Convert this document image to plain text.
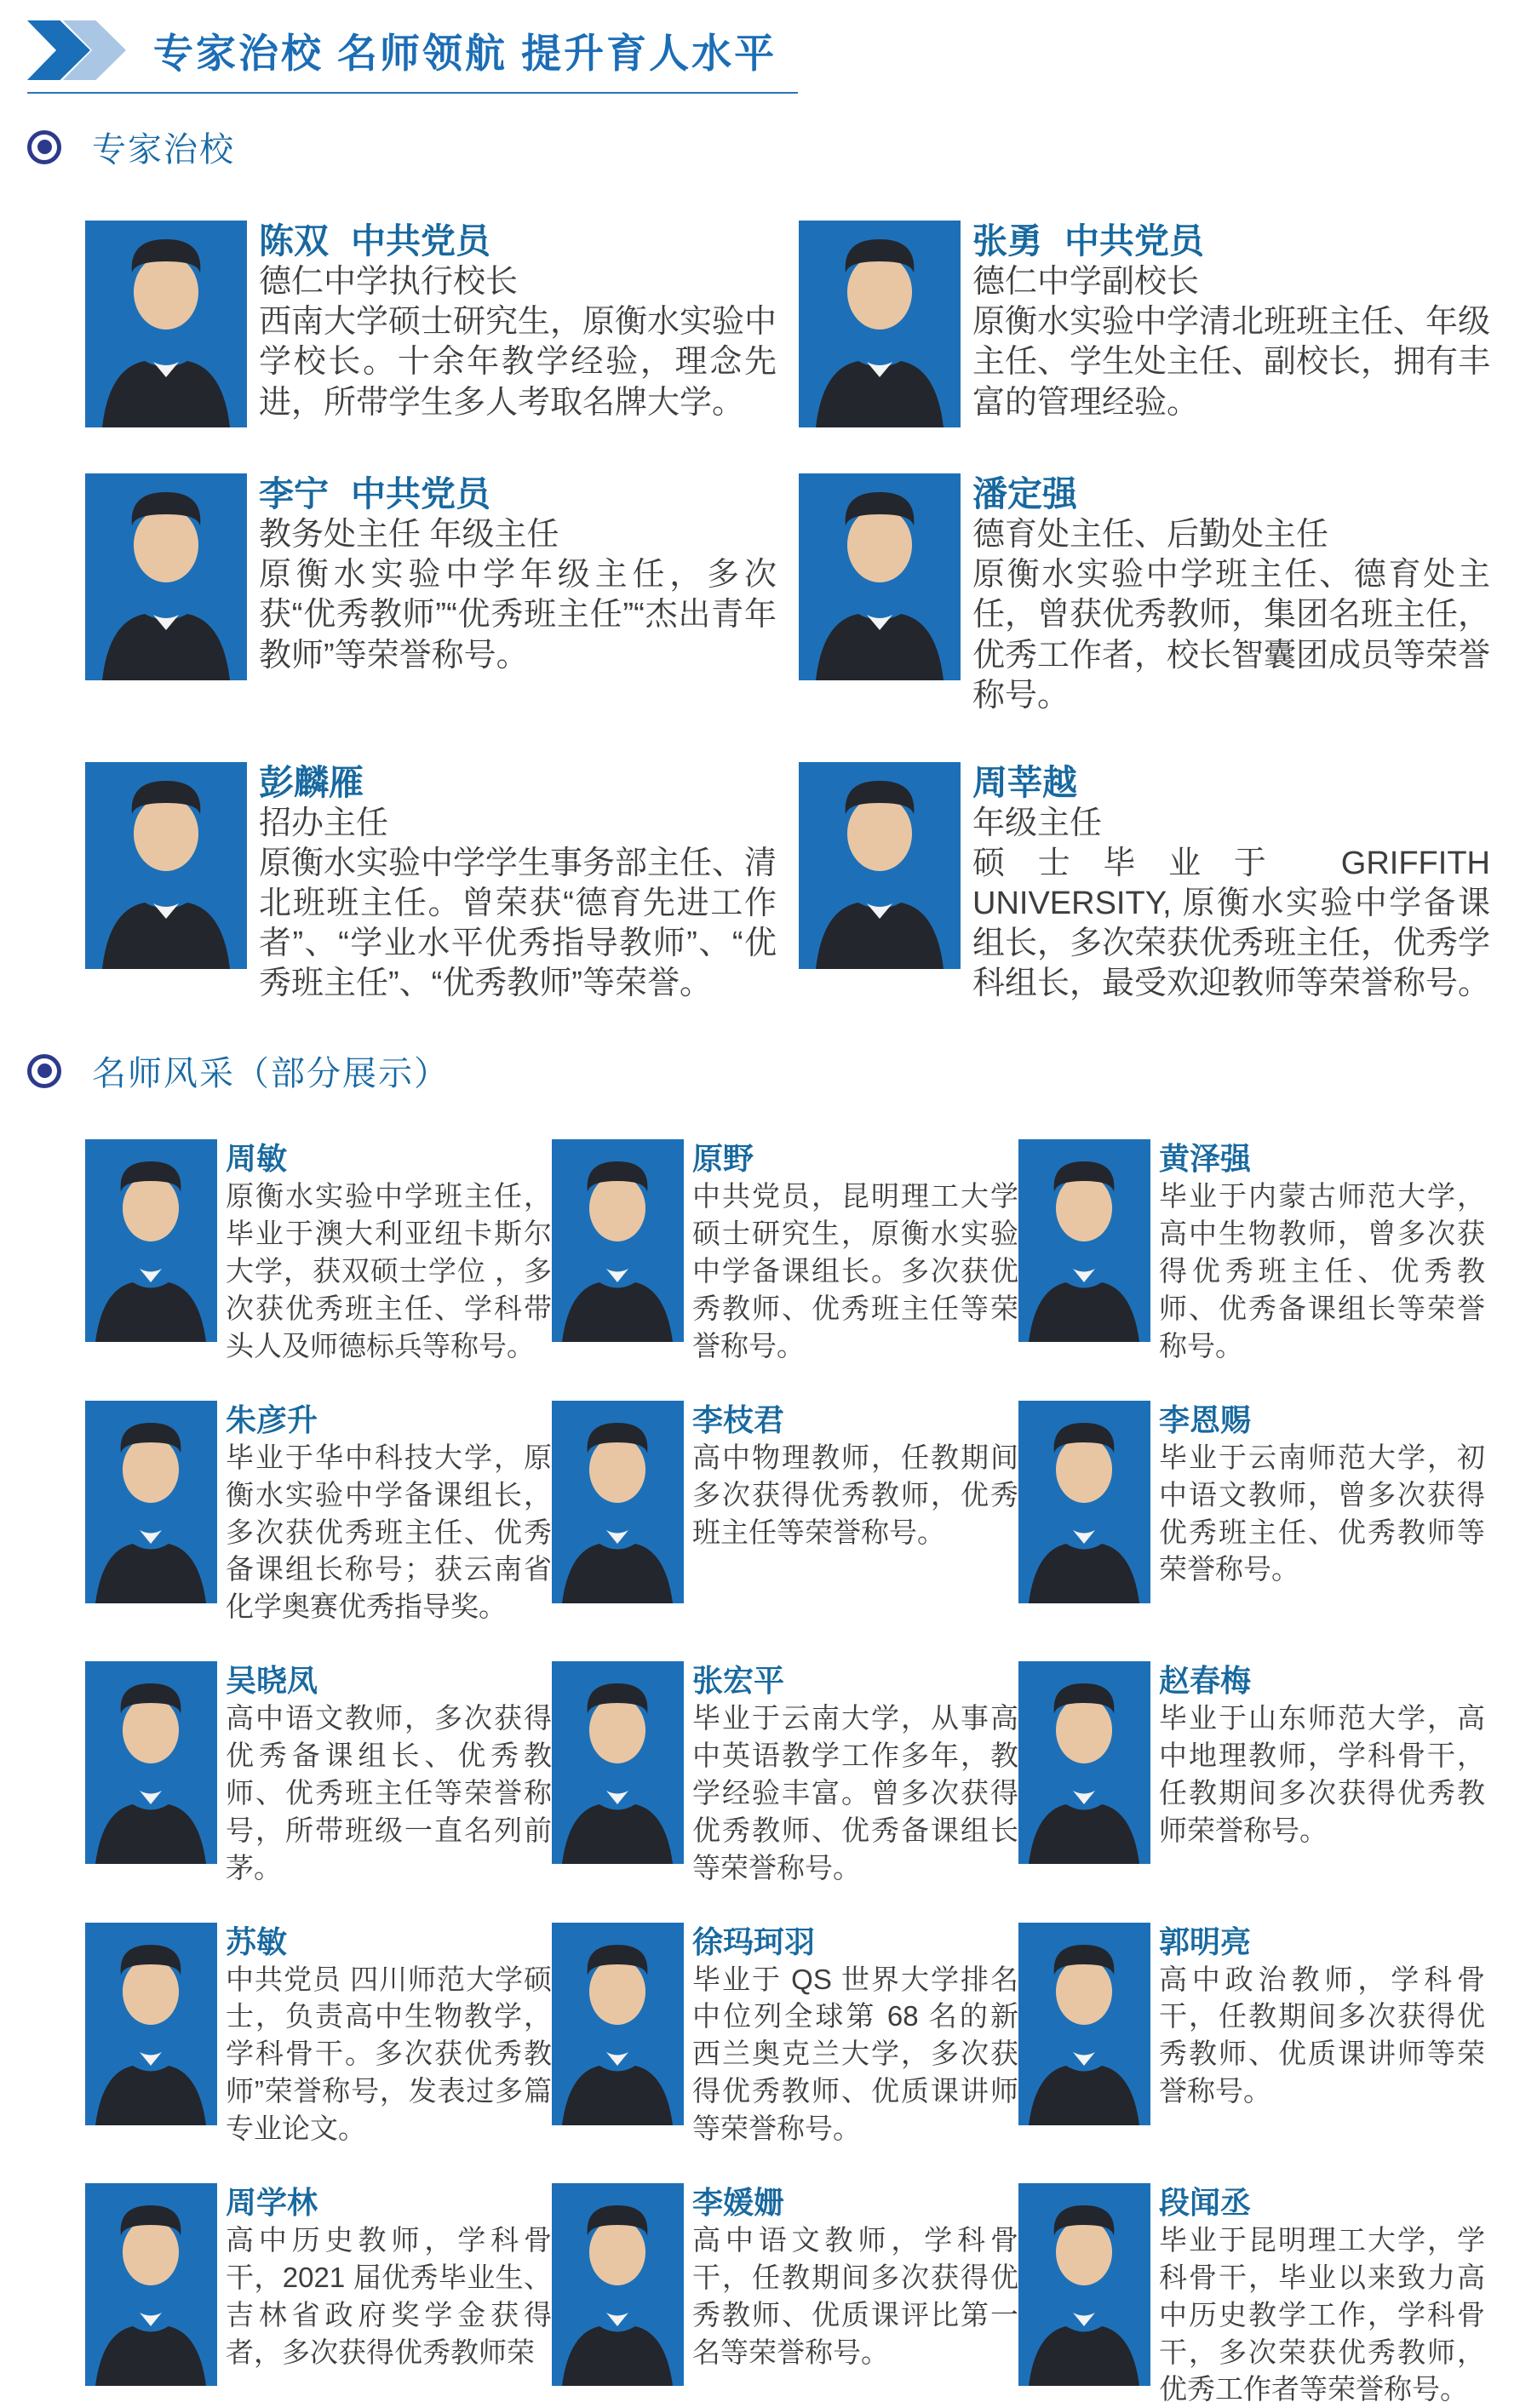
专家治校 名师领航 提升育人水平
专家治校
陈双 中共党员
德仁中学执行校长
西南大学硕士研究生，原衡水实验中学校长。十余年教学经验，理念先进，所带学生多人考取名牌大学。
张勇 中共党员
德仁中学副校长
原衡水实验中学清北班班主任、年级主任、学生处主任、副校长，拥有丰富的管理经验。
李宁 中共党员
教务处主任 年级主任
原衡水实验中学年级主任，多次获“优秀教师”“优秀班主任”“杰出青年教师”等荣誉称号。
潘定强
德育处主任、后勤处主任
原衡水实验中学班主任、德育处主任，曾获优秀教师，集团名班主任，优秀工作者，校长智囊团成员等荣誉称号。
彭麟雁
招办主任
原衡水实验中学学生事务部主任、清北班班主任。曾荣获“德育先进工作者”、“学业水平优秀指导教师”、“优秀班主任”、“优秀教师”等荣誉。
周莘越
年级主任
硕士毕业于 GRIFFITH UNIVERSITY, 原衡水实验中学备课组长，多次荣获优秀班主任，优秀学科组长，最受欢迎教师等荣誉称号。
名师风采（部分展示）
周敏
原衡水实验中学班主任，毕业于澳大利亚纽卡斯尔大学，获双硕士学位 ，多次获优秀班主任、学科带头人及师德标兵等称号。
原野
中共党员，昆明理工大学硕士研究生，原衡水实验中学备课组长。多次获优秀教师、优秀班主任等荣誉称号。
黄泽强
毕业于内蒙古师范大学，高中生物教师，曾多次获得优秀班主任、优秀教师、优秀备课组长等荣誉称号。
朱彦升
毕业于华中科技大学，原衡水实验中学备课组长，多次获优秀班主任、优秀备课组长称号；获云南省化学奥赛优秀指导奖。
李枝君
高中物理教师，任教期间多次获得优秀教师，优秀班主任等荣誉称号。
李恩赐
毕业于云南师范大学，初中语文教师，曾多次获得优秀班主任、优秀教师等荣誉称号。
吴晓凤
高中语文教师，多次获得优秀备课组长、优秀教师、优秀班主任等荣誉称号，所带班级一直名列前茅。
张宏平
毕业于云南大学，从事高中英语教学工作多年，教学经验丰富。曾多次获得优秀教师、优秀备课组长等荣誉称号。
赵春梅
毕业于山东师范大学，高中地理教师，学科骨干，任教期间多次获得优秀教师荣誉称号。
苏敏
中共党员 四川师范大学硕士，负责高中生物教学，学科骨干。多次获优秀教师”荣誉称号，发表过多篇专业论文。
徐玛珂羽
毕业于 QS 世界大学排名中位列全球第 68 名的新西兰奥克兰大学，多次获得优秀教师、优质课讲师等荣誉称号。
郭明亮
高中政治教师，学科骨干，任教期间多次获得优秀教师、优质课讲师等荣誉称号。
周学林
高中历史教师，学科骨干，2021 届优秀毕业生、吉林省政府奖学金获得者，多次获得优秀教师荣
李媛姗
高中语文教师，学科骨干，任教期间多次获得优秀教师、优质课评比第一名等荣誉称号。
段闻丞
毕业于昆明理工大学，学科骨干，毕业以来致力高中历史教学工作，学科骨干，多次荣获优秀教师，优秀工作者等荣誉称号。
